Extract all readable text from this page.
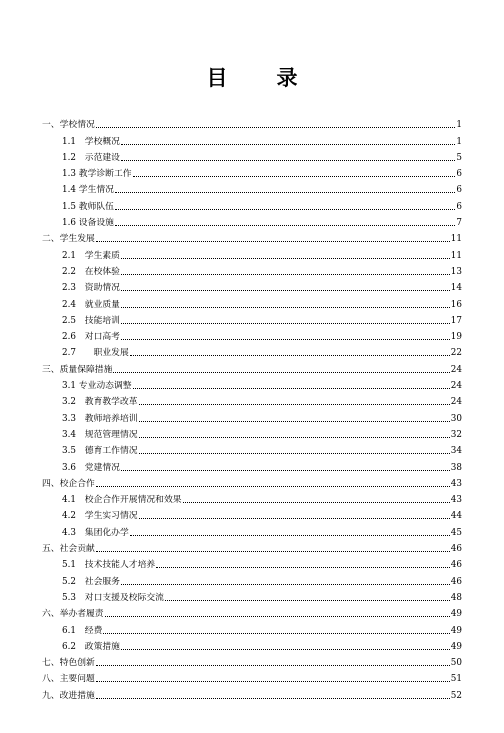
目　录
一、学校情况	1
1.1　学校概况	1
1.2　示范建设	5
1.3 教学诊断工作	6
1.4 学生情况	6
1.5 教师队伍	6
1.6 设备设施	7
二、学生发展	11
2.1　学生素质	11
2.2　在校体验	13
2.3　资助情况	14
2.4　就业质量	16
2.5　技能培训	17
2.6　对口高考	19
2.7　　职业发展	22
三、质量保障措施	24
3.1 专业动态调整	24
3.2　教育教学改革	24
3.3　教师培养培训	30
3.4　规范管理情况	32
3.5　德育工作情况	34
3.6　党建情况	38
四、校企合作	43
4.1　校企合作开展情况和效果	43
4.2　学生实习情况	44
4.3　集团化办学	45
五、社会贡献	46
5.1　技术技能人才培养	46
5.2　社会服务	46
5.3　对口支援及校际交流	48
六、举办者履责	49
6.1　经费	49
6.2　政策措施	49
七、特色创新	50
八、主要问题	51
九、改进措施	52
